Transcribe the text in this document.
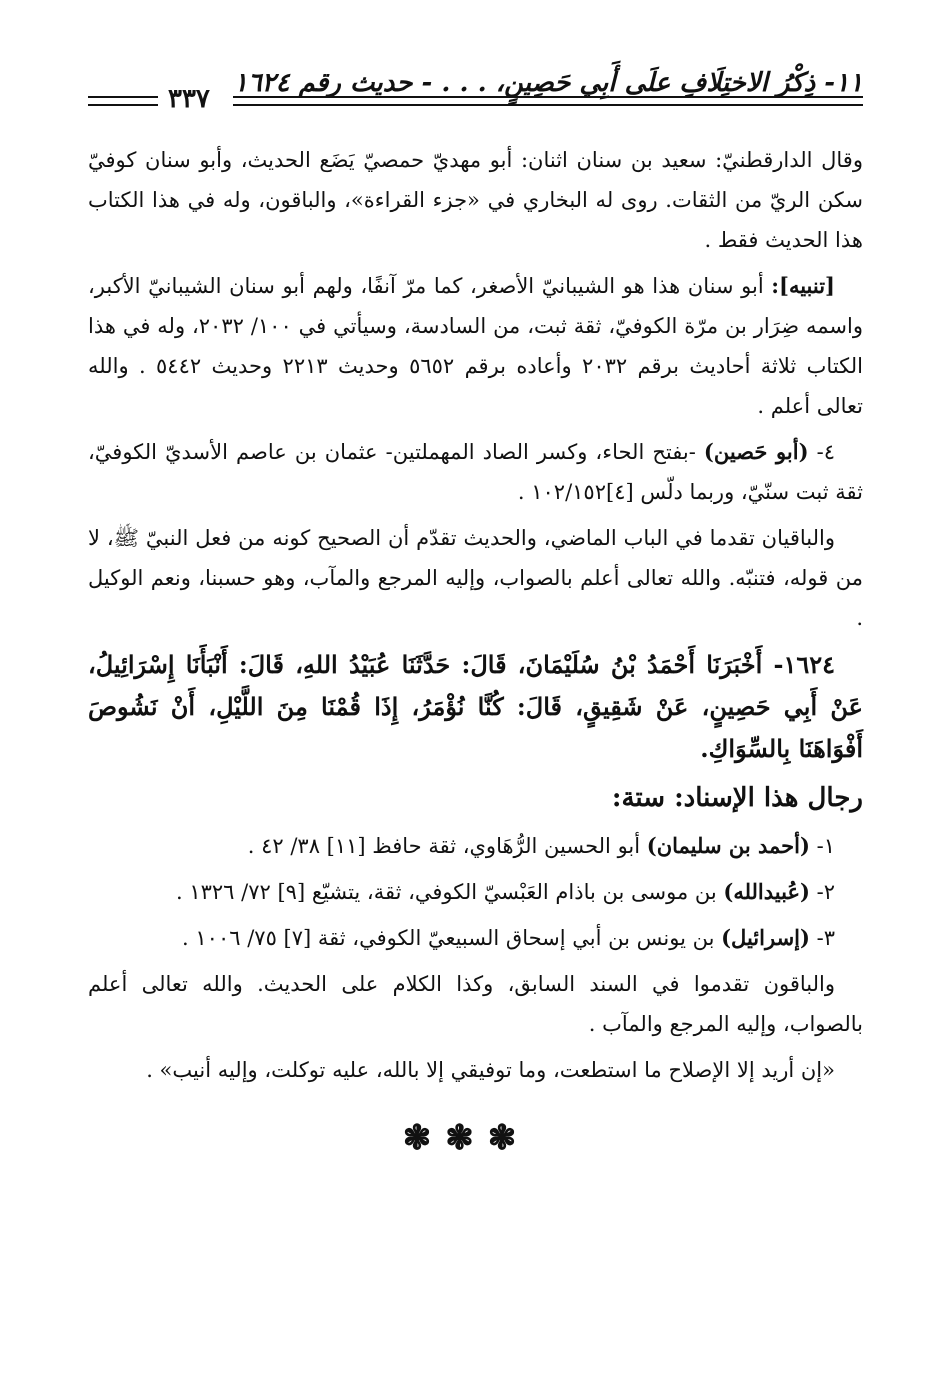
١١- ذِكْرُ الاختِلَافِ علَى أَبِي حَصِينٍ، . . . - حديث رقم ١٦٢٤
٣٣٧

وقال الدارقطنيّ: سعيد بن سنان اثنان: أبو مهديّ حمصيّ يَضَع الحديث، وأبو سنان كوفيّ سكن الريّ من الثقات. روى له البخاري في «جزء القراءة»، والباقون، وله في هذا الكتاب هذا الحديث فقط .

[تنبيه]: أبو سنان هذا هو الشيبانيّ الأصغر، كما مرّ آنفًا، ولهم أبو سنان الشيبانيّ الأكبر، واسمه ضِرَار بن مرّة الكوفيّ، ثقة ثبت، من السادسة، وسيأتي في ١٠٠/ ٢٠٣٢، وله في هذا الكتاب ثلاثة أحاديث برقم ٢٠٣٢ وأعاده برقم ٥٦٥٢ وحديث ٢٢١٣ وحديث ٥٤٤٢ . والله تعالى أعلم .

٤- (أبو حَصين) -بفتح الحاء، وكسر الصاد المهملتين- عثمان بن عاصم الأسديّ الكوفيّ، ثقة ثبت سنّيّ، وربما دلّس [٤]١٠٢/١٥٢ .

والباقيان تقدما في الباب الماضي، والحديث تقدّم أن الصحيح كونه من فعل النبيّ ﷺ، لا من قوله، فتنبّه. والله تعالى أعلم بالصواب، وإليه المرجع والمآب، وهو حسبنا، ونعم الوكيل .

١٦٢٤- أَخْبَرَنَا أَحْمَدُ بْنُ سُلَيْمَانَ، قَالَ: حَدَّثَنَا عُبَيْدُ اللهِ، قَالَ: أَنْبَأَنَا إِسْرَائِيلُ، عَنْ أَبِي حَصِينٍ، عَنْ شَقِيقٍ، قَالَ: كُنَّا نُؤْمَرُ، إِذَا قُمْنَا مِنَ اللَّيْلِ، أَنْ نَشُوصَ أَفْوَاهَنَا بِالسِّوَاكِ.

رجال هذا الإسناد: ستة:

١- (أحمد بن سليمان) أبو الحسين الرُّهَاوي، ثقة حافظ [١١] ٣٨/ ٤٢ .

٢- (عُبيدالله) بن موسى بن باذام العَبْسيّ الكوفي، ثقة، يتشيّع [٩] ٧٢/ ١٣٢٦ .

٣- (إسرائيل) بن يونس بن أبي إسحاق السبيعيّ الكوفي، ثقة [٧] ٧٥/ ١٠٠٦ .

والباقون تقدموا في السند السابق، وكذا الكلام على الحديث. والله تعالى أعلم بالصواب، وإليه المرجع والمآب .

«إن أريد إلا الإصلاح ما استطعت، وما توفيقي إلا بالله، عليه توكلت، وإليه أنيب» .

❃❃❃
